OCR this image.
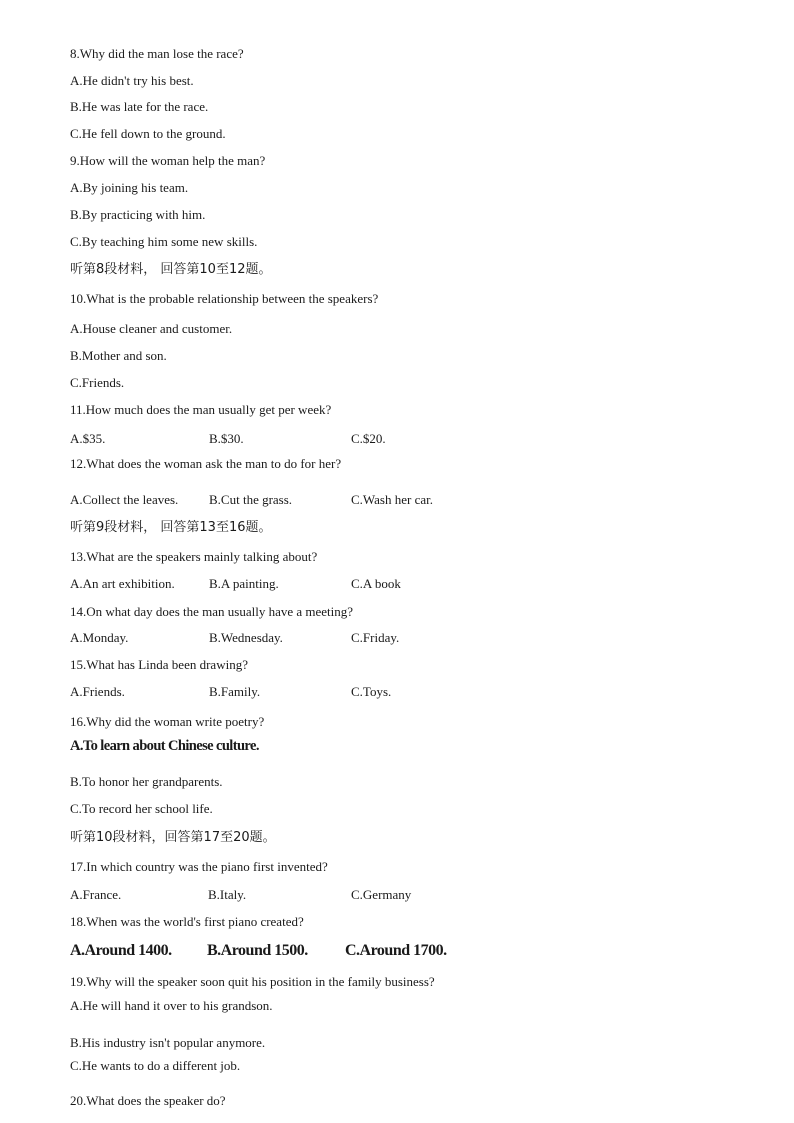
8.Why did the man lose the race?
A.He didn't try his best.
B.He was late for the race.
C.He fell down to the ground.
9.How will the woman help the man?
A.By joining his team.
B.By practicing with him.
C.By teaching him some new skills.
听第8段材料， 回答第10至12题。
10.What is the probable relationship between the speakers?
A.House cleaner and customer.
B.Mother and son.
C.Friends.
11.How much does the man usually get per week?
A.$35.	B.$30.	C.$20.
12.What does the woman ask the man to do for her?
A.Collect the leaves. B.Cut the grass.	C.Wash her car.
听第9段材料， 回答第13至16题。
13.What are the speakers mainly talking about?
A.An art exhibition.	B.A painting.	C.A book
14.On what day does the man usually have a meeting?
A.Monday.	B.Wednesday.	C.Friday.
15.What has Linda been drawing?
A.Friends.	B.Family.	C.Toys.
16.Why did the woman write poetry?
A.To learn about Chinese culture.
B.To honor her grandparents.
C.To record her school life.
听第10段材料，回答第17至20题。
17.In which country was the piano first invented?
A.France.	B.Italy.	C.Germany
18.When was the world's first piano created?
A.Around 1400. B.Around 1500. C.Around 1700.
19.Why will the speaker soon quit his position in the family business?
A.He will hand it over to his grandson.
B.His industry isn't popular anymore.
C.He wants to do a different job.
20.What does the speaker do?
